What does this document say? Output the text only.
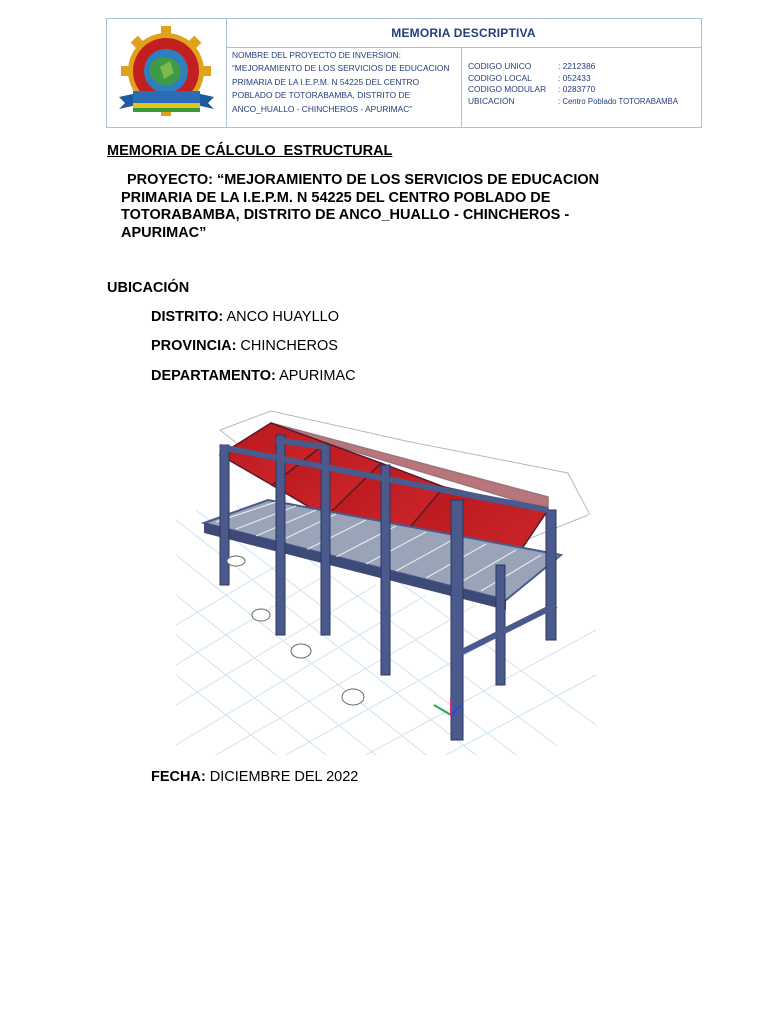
MEMORIA DESCRIPTIVA
NOMBRE DEL PROYECTO DE INVERSION:
“MEJORAMIENTO DE LOS SERVICIOS DE EDUCACION
PRIMARIA DE LA I.E.P.M. N 54225 DEL CENTRO
POBLADO DE TOTORABAMBA, DISTRITO DE
ANCO_HUALLO - CHINCHEROS - APURIMAC”
CODIGO UNICO	: 2212386
CODIGO LOCAL	: 052433
CODIGO MODULAR : 0283770
UBICACIÓN	: Centro Poblado TOTORABAMBA
MEMORIA DE CÁLCULO  ESTRUCTURAL
PROYECTO: “MEJORAMIENTO DE LOS SERVICIOS DE EDUCACION
PRIMARIA DE LA I.E.P.M. N 54225 DEL CENTRO POBLADO DE
TOTORABAMBA, DISTRITO DE ANCO_HUALLO - CHINCHEROS -
APURIMAC”
UBICACIÓN
DISTRITO: ANCO HUAYLLO
PROVINCIA: CHINCHEROS
DEPARTAMENTO: APURIMAC
FECHA: DICIEMBRE DEL 2022
